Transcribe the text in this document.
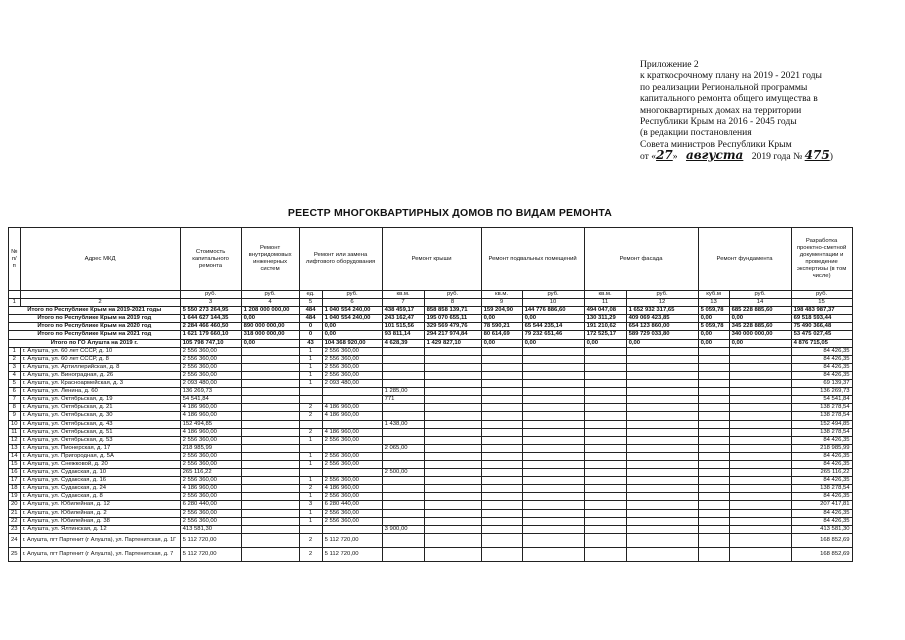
Приложение 2
к краткосрочному плану на 2019 - 2021 годы
по реализации Региональной программы
капитального ремонта общего имущества в
многоквартирных домах на территории
Республики Крым на 2016 - 2045 годы
(в редакции постановления
Совета министров Республики Крым
от «27» августа 2019 года № 475)
РЕЕСТР МНОГОКВАРТИРНЫХ ДОМОВ ПО ВИДАМ РЕМОНТА
№ п/п	Адрес МКД	Стоимость капитального ремонта	Ремонт внутридомовых инженерных систем	Ремонт или замена лифтового оборудования		Ремонт крыши		Ремонт подвальных помещений		Ремонт фасада		Ремонт фундамента		Разработка проектно-сметной документации и проведение экспертизы (в том числе)
		руб.	руб.	ед.	руб.	кв.м.	руб.	кв.м.	руб.	кв.м.	руб.	куб.м	руб.	руб.
1	2	3	4	5	6	7	8	9	10	11	12	13	14	15
Итого по Республике Крым на 2019-2021 годы		5 550 273 264,95	1 208 000 000,00	484	1 040 554 240,00	438 459,17	858 858 139,71	159 204,90	144 776 886,60	494 047,08	1 652 932 317,65	5 059,78	685 228 885,60	198 483 987,37
Итого по Республике Крым на 2019 год		1 644 627 144,35	0,00	484	1 040 554 240,00	243 162,47	195 070 655,11	0,00	0,00	130 311,29	409 069 423,85	0,00	0,00	69 518 593,44
Итого по Республике Крым на 2020 год		2 284 466 460,50	890 000 000,00	0	0,00	101 515,56	329 569 479,76	78 590,21	65 544 235,14	191 210,62	654 123 860,00	5 059,78	345 228 885,60	75 490 366,48
Итого по Республике Крым на 2021 год		1 621 179 660,10	318 000 000,00	0	0,00	93 811,14	294 217 974,84	80 614,69	79 232 651,46	172 525,17	589 729 033,80	0,00	340 000 000,00	53 475 027,45
Итого по ГО Алушта на 2019 г.		105 798 747,10	0,00	43	104 368 920,00	4 628,39	1 429 827,10	0,00	0,00	0,00	0,00	0,00	0,00	4 876 715,05
1	г. Алушта, ул. 60 лет СССР, д. 10	2 556 360,00		1	2 556 360,00									84 426,35
2	г. Алушта, ул. 60 лет СССР, д. 8	2 556 360,00		1	2 556 360,00									84 426,35
3	г. Алушта, ул. Артиллерийская, д. 8	2 556 360,00		1	2 556 360,00									84 426,35
4	г. Алушта, ул. Виноградная, д. 26	2 556 360,00		1	2 556 360,00									84 426,35
5	г. Алушта, ул. Красноармейская, д. 3	2 093 480,00		1	2 093 480,00									69 139,37
6	г. Алушта, ул. Ленина, д. 60	136 269,73				1 285,00								136 269,73
7	г. Алушта, ул. Октябрьская, д. 19	54 541,84				771								54 541,84
8	г. Алушта, ул. Октябрьская, д. 21	4 186 960,00		2	4 186 960,00									138 278,54
9	г. Алушта, ул. Октябрьская, д. 30	4 186 960,00		2	4 186 960,00									138 278,54
10	г. Алушта, ул. Октябрьская, д. 43	152 494,85				1 438,00								152 494,85
11	г. Алушта, ул. Октябрьская, д. 51	4 186 960,00		2	4 186 960,00									138 278,54
12	г. Алушта, ул. Октябрьская, д. 53	2 556 360,00		1	2 556 360,00									84 426,35
13	г. Алушта, ул. Пионерская, д. 17	218 985,99				2 065,00								218 985,99
14	г. Алушта, ул. Пригородная, д. 5А	2 556 360,00		1	2 556 360,00									84 426,35
15	г. Алушта, ул. Снежковой, д. 20	2 556 360,00		1	2 556 360,00									84 426,35
16	г. Алушта, ул. Судакская, д. 10	265 116,22				2 500,00								265 116,22
17	г. Алушта, ул. Судакская, д. 16	2 556 360,00		1	2 556 360,00									84 426,35
18	г. Алушта, ул. Судакская, д. 24	4 186 960,00		2	4 186 960,00									138 278,54
19	г. Алушта, ул. Судакская, д. 8	2 556 360,00		1	2 556 360,00									84 426,35
20	г. Алушта, ул. Юбилейная, д. 12	6 280 440,00		3	6 280 440,00									207 417,81
21	г. Алушта, ул. Юбилейная, д. 2	2 556 360,00		1	2 556 360,00									84 426,35
22	г. Алушта, ул. Юбилейная, д. 38	2 556 360,00		1	2 556 360,00									84 426,35
23	г. Алушта, ул. Ялтинская, д. 12	413 581,30				3 900,00								413 581,30
24	г. Алушта, пгт Партенит (г Алушта), ул. Партенитская, д. 1Г	5 112 720,00		2	5 112 720,00									168 852,69
25	г. Алушта, пгт Партенит (г Алушта), ул. Партенитская, д. 7	5 112 720,00		2	5 112 720,00									168 852,69
